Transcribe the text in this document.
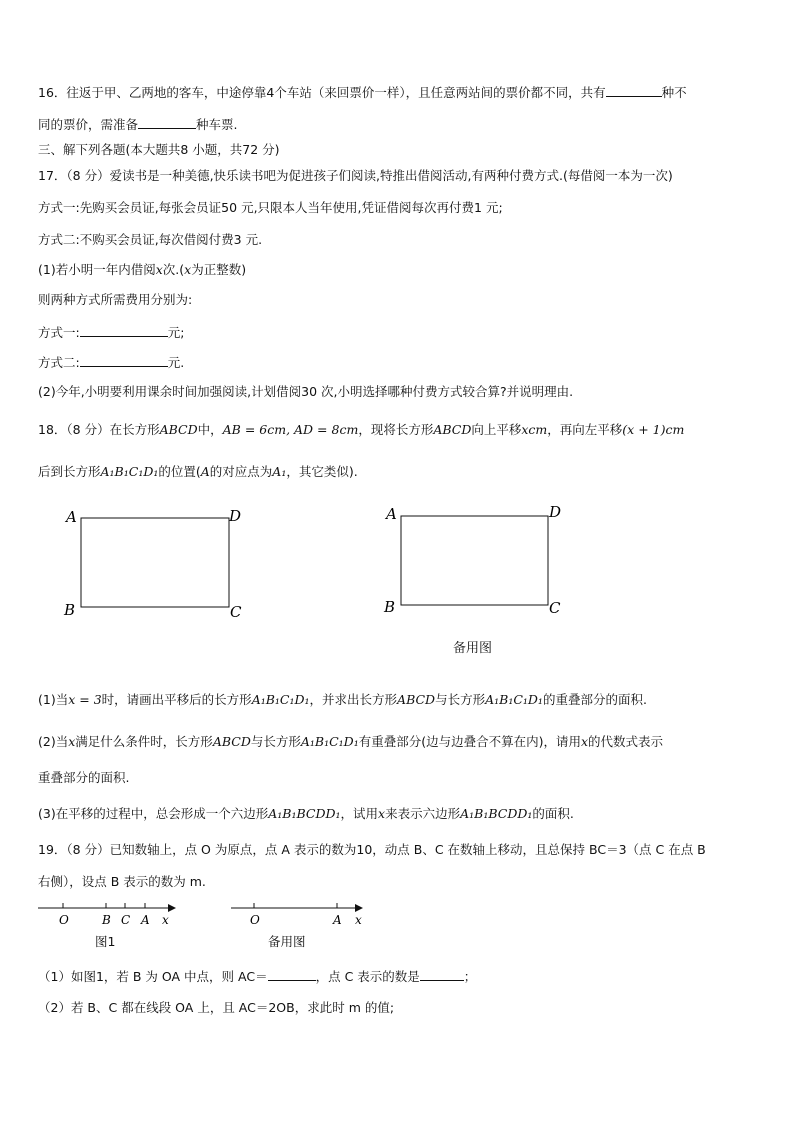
16．往返于甲、乙两地的客车，中途停靠4个车站（来回票价一样），且任意两站间的票价都不同，共有	种不
同的票价，需准备	种车票.
三、解下列各题(本大题共8 小题，共72 分)
17．（8 分）爱读书是一种美德,快乐读书吧为促进孩子们阅读,特推出借阅活动,有两种付费方式.(每借阅一本为一次)
方式一:先购买会员证,每张会员证50 元,只限本人当年使用,凭证借阅每次再付费1 元;
方式二:不购买会员证,每次借阅付费3 元.
(1)若小明一年内借阅x次.(x为正整数)
则两种方式所需费用分别为:
方式一:	元;
方式二:	元.
(2)今年,小明要利用课余时间加强阅读,计划借阅30 次,小明选择哪种付费方式较合算?并说明理由.
18．（8 分）在长方形ABCD中，AB = 6cm, AD = 8cm，现将长方形ABCD向上平移xcm，再向左平移(x + 1)cm
后到长方形A₁B₁C₁D₁的位置(A的对应点为A₁，其它类似).
A	D
B	C
A	D
B	C
备用图
(1)当x = 3时，请画出平移后的长方形A₁B₁C₁D₁，并求出长方形ABCD与长方形A₁B₁C₁D₁的重叠部分的面积.
(2)当x满足什么条件时，长方形ABCD与长方形A₁B₁C₁D₁有重叠部分(边与边叠合不算在内)，请用x的代数式表示
重叠部分的面积.
(3)在平移的过程中，总会形成一个六边形A₁B₁BCDD₁，试用x来表示六边形A₁B₁BCDD₁的面积.
19．（8 分）已知数轴上，点 O 为原点，点 A 表示的数为10，动点 B、C 在数轴上移动，且总保持 BC＝3（点 C 在点 B
右侧），设点 B 表示的数为 m.
O	B C A x	O	A x
图1	备用图
（1）如图1，若 B 为 OA 中点，则 AC＝	，点 C 表示的数是	；
（2）若 B、C 都在线段 OA 上，且 AC＝2OB，求此时 m 的值;
